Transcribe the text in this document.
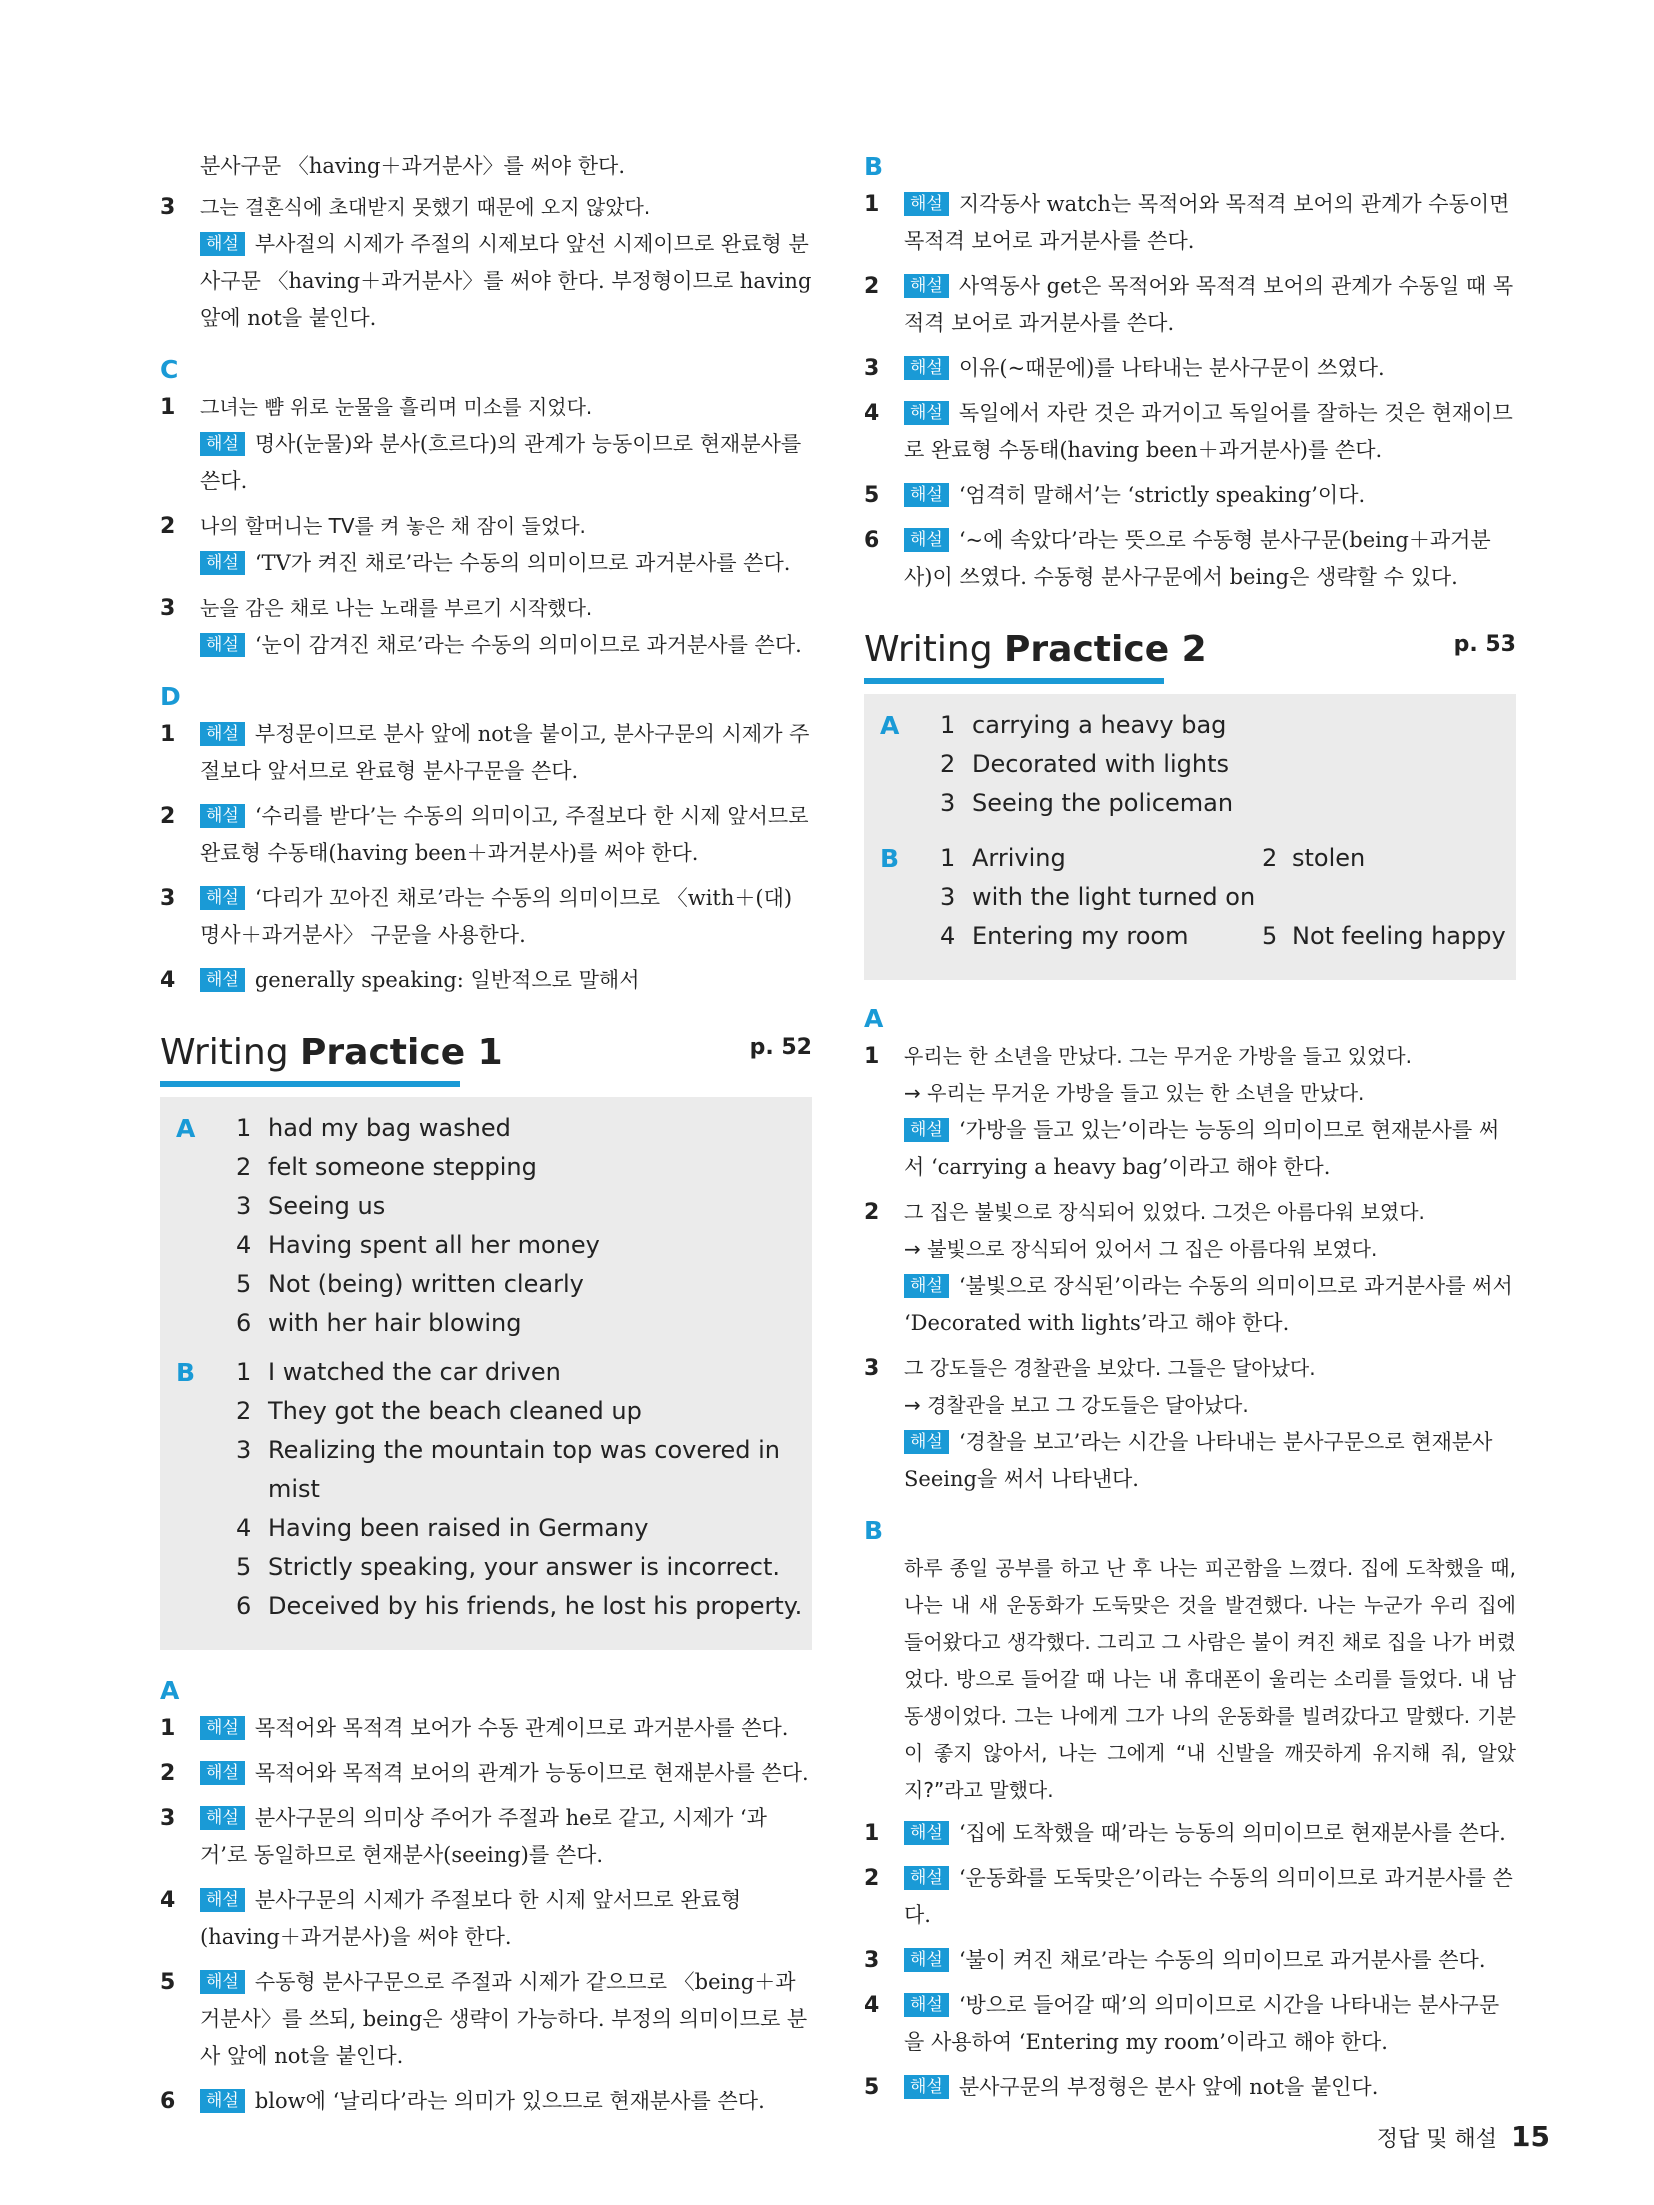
분사구문 〈having＋과거분사〉를 써야 한다.
3	그는 결혼식에 초대받지 못했기 때문에 오지 않았다.
해설 부사절의 시제가 주절의 시제보다 앞선 시제이므로 완료형 분사구문 〈having＋과거분사〉를 써야 한다. 부정형이므로 having 앞에 not을 붙인다.
C
1	그녀는 뺨 위로 눈물을 흘리며 미소를 지었다.
해설 명사(눈물)와 분사(흐르다)의 관계가 능동이므로 현재분사를 쓴다.
2	나의 할머니는 TV를 켜 놓은 채 잠이 들었다.
해설 ‘TV가 켜진 채로’라는 수동의 의미이므로 과거분사를 쓴다.
3	눈을 감은 채로 나는 노래를 부르기 시작했다.
해설 ‘눈이 감겨진 채로’라는 수동의 의미이므로 과거분사를 쓴다.
D
1	해설 부정문이므로 분사 앞에 not을 붙이고, 분사구문의 시제가 주절보다 앞서므로 완료형 분사구문을 쓴다.
2	해설 ‘수리를 받다’는 수동의 의미이고, 주절보다 한 시제 앞서므로 완료형 수동태(having been＋과거분사)를 써야 한다.
3	해설 ‘다리가 꼬아진 채로’라는 수동의 의미이므로 〈with＋(대)명사＋과거분사〉 구문을 사용한다.
4	해설 generally speaking: 일반적으로 말해서
Writing Practice 1	p. 52
A	1 had my bag washed
2 felt someone stepping
3 Seeing us
4 Having spent all her money
5 Not (being) written clearly
6 with her hair blowing
B	1 I watched the car driven
2 They got the beach cleaned up
3 Realizing the mountain top was covered in mist
4 Having been raised in Germany
5 Strictly speaking, your answer is incorrect.
6 Deceived by his friends, he lost his property.
A
1	해설 목적어와 목적격 보어가 수동 관계이므로 과거분사를 쓴다.
2	해설 목적어와 목적격 보어의 관계가 능동이므로 현재분사를 쓴다.
3	해설 분사구문의 의미상 주어가 주절과 he로 같고, 시제가 ‘과거’로 동일하므로 현재분사(seeing)를 쓴다.
4	해설 분사구문의 시제가 주절보다 한 시제 앞서므로 완료형 (having＋과거분사)을 써야 한다.
5	해설 수동형 분사구문으로 주절과 시제가 같으므로 〈being＋과거분사〉를 쓰되, being은 생략이 가능하다. 부정의 의미이므로 분사 앞에 not을 붙인다.
6	해설 blow에 ‘날리다’라는 의미가 있으므로 현재분사를 쓴다.
B
1	해설 지각동사 watch는 목적어와 목적격 보어의 관계가 수동이면 목적격 보어로 과거분사를 쓴다.
2	해설 사역동사 get은 목적어와 목적격 보어의 관계가 수동일 때 목적격 보어로 과거분사를 쓴다.
3	해설 이유(~때문에)를 나타내는 분사구문이 쓰였다.
4	해설 독일에서 자란 것은 과거이고 독일어를 잘하는 것은 현재이므로 완료형 수동태(having been＋과거분사)를 쓴다.
5	해설 ‘엄격히 말해서’는 ‘strictly speaking’이다.
6	해설 ‘~에 속았다’라는 뜻으로 수동형 분사구문(being＋과거분사)이 쓰였다. 수동형 분사구문에서 being은 생략할 수 있다.
Writing Practice 2	p. 53
A	1 carrying a heavy bag
2 Decorated with lights
3 Seeing the policeman
B	1 Arriving	2 stolen
3 with the light turned on
4 Entering my room	5 Not feeling happy
A
1	우리는 한 소년을 만났다. 그는 무거운 가방을 들고 있었다.
→ 우리는 무거운 가방을 들고 있는 한 소년을 만났다.
해설 ‘가방을 들고 있는’이라는 능동의 의미이므로 현재분사를 써서 ‘carrying a heavy bag’이라고 해야 한다.
2	그 집은 불빛으로 장식되어 있었다. 그것은 아름다워 보였다.
→ 불빛으로 장식되어 있어서 그 집은 아름다워 보였다.
해설 ‘불빛으로 장식된’이라는 수동의 의미이므로 과거분사를 써서 ‘Decorated with lights’라고 해야 한다.
3	그 강도들은 경찰관을 보았다. 그들은 달아났다.
→ 경찰관을 보고 그 강도들은 달아났다.
해설 ‘경찰을 보고’라는 시간을 나타내는 분사구문으로 현재분사 Seeing을 써서 나타낸다.
B
하루 종일 공부를 하고 난 후 나는 피곤함을 느꼈다. 집에 도착했을 때, 나는 내 새 운동화가 도둑맞은 것을 발견했다. 나는 누군가 우리 집에 들어왔다고 생각했다. 그리고 그 사람은 불이 켜진 채로 집을 나가 버렸었다. 방으로 들어갈 때 나는 내 휴대폰이 울리는 소리를 들었다. 내 남동생이었다. 그는 나에게 그가 나의 운동화를 빌려갔다고 말했다. 기분이 좋지 않아서, 나는 그에게 “내 신발을 깨끗하게 유지해 줘, 알았지?”라고 말했다.
1	해설 ‘집에 도착했을 때’라는 능동의 의미이므로 현재분사를 쓴다.
2	해설 ‘운동화를 도둑맞은’이라는 수동의 의미이므로 과거분사를 쓴다.
3	해설 ‘불이 켜진 채로’라는 수동의 의미이므로 과거분사를 쓴다.
4	해설 ‘방으로 들어갈 때’의 의미이므로 시간을 나타내는 분사구문을 사용하여 ‘Entering my room’이라고 해야 한다.
5	해설 분사구문의 부정형은 분사 앞에 not을 붙인다.
정답 및 해설 15
